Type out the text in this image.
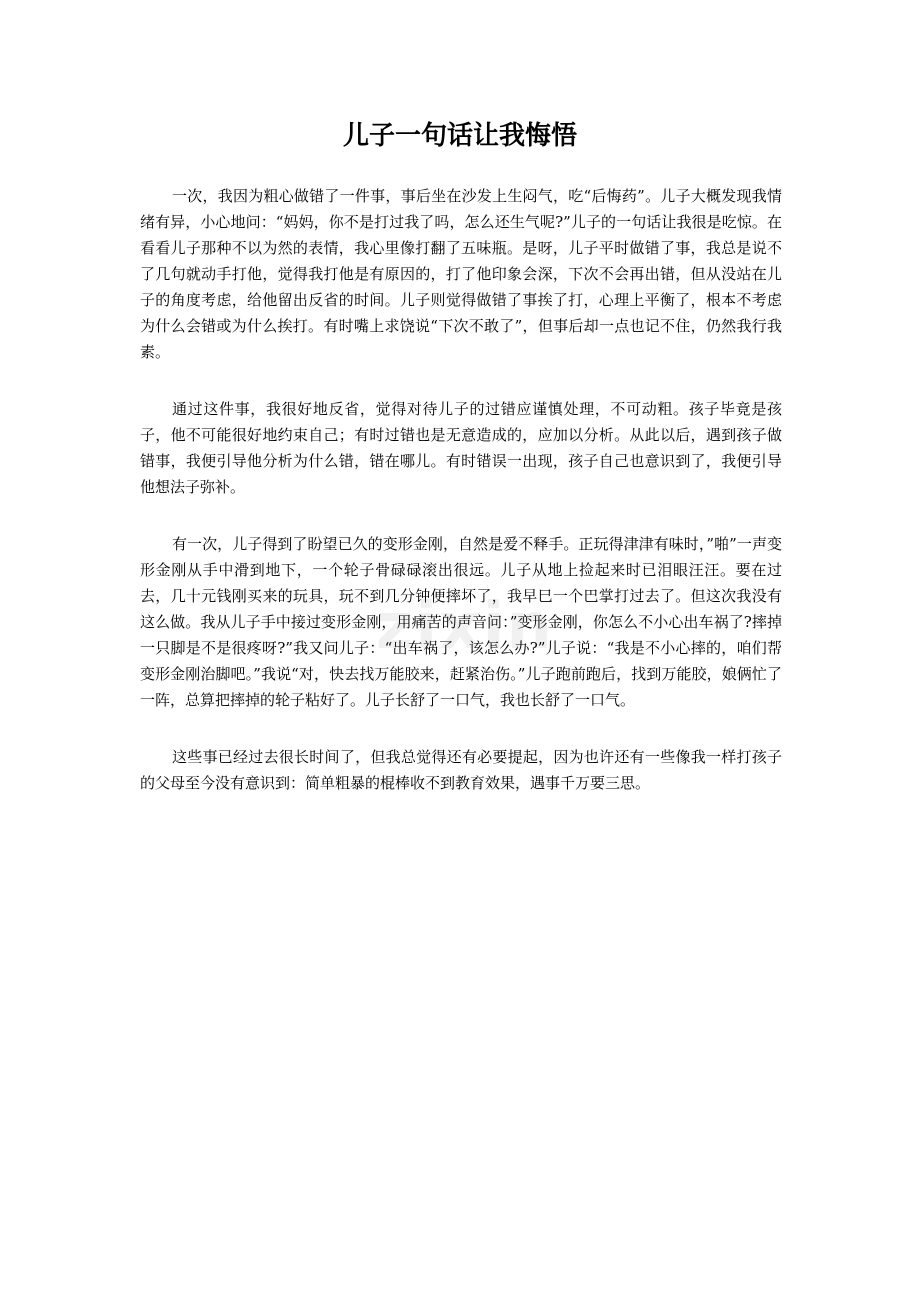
儿子一句话让我悔悟

一次，我因为粗心做错了一件事，事后坐在沙发上生闷气，吃“后悔药”。儿子大概发现我情绪有异，小心地问：“妈妈，你不是打过我了吗，怎么还生气呢?”儿子的一句话让我很是吃惊。在看看儿子那种不以为然的表情，我心里像打翻了五味瓶。是呀，儿子平时做错了事，我总是说不了几句就动手打他，觉得我打他是有原因的，打了他印象会深，下次不会再出错，但从没站在儿子的角度考虑，给他留出反省的时间。儿子则觉得做错了事挨了打，心理上平衡了，根本不考虑为什么会错或为什么挨打。有时嘴上求饶说“下次不敢了”，但事后却一点也记不住，仍然我行我素。

通过这件事，我很好地反省，觉得对待儿子的过错应谨慎处理，不可动粗。孩子毕竟是孩子，他不可能很好地约束自己；有时过错也是无意造成的，应加以分析。从此以后，遇到孩子做错事，我便引导他分析为什么错，错在哪儿。有时错误一出现，孩子自己也意识到了，我便引导他想法子弥补。

有一次，儿子得到了盼望已久的变形金刚，自然是爱不释手。正玩得津津有味时，”啪”一声变形金刚从手中滑到地下，一个轮子骨碌碌滚出很远。儿子从地上捡起来时已泪眼汪汪。要在过去，几十元钱刚买来的玩具，玩不到几分钟便摔坏了，我早巳一个巴掌打过去了。但这次我没有这么做。我从儿子手中接过变形金刚，用痛苦的声音问：”变形金刚，你怎么不小心出车祸了?摔掉一只脚是不是很疼呀?”我又问儿子：“出车祸了，该怎么办?”儿子说：“我是不小心摔的，咱们帮变形金刚治脚吧。”我说“对，快去找万能胶来，赶紧治伤。”儿子跑前跑后，找到万能胶，娘俩忙了一阵，总算把摔掉的轮子粘好了。儿子长舒了一口气，我也长舒了一口气。

这些事已经过去很长时间了，但我总觉得还有必要提起，因为也许还有一些像我一样打孩子的父母至今没有意识到：简单粗暴的棍棒收不到教育效果，遇事千万要三思。

zixin
